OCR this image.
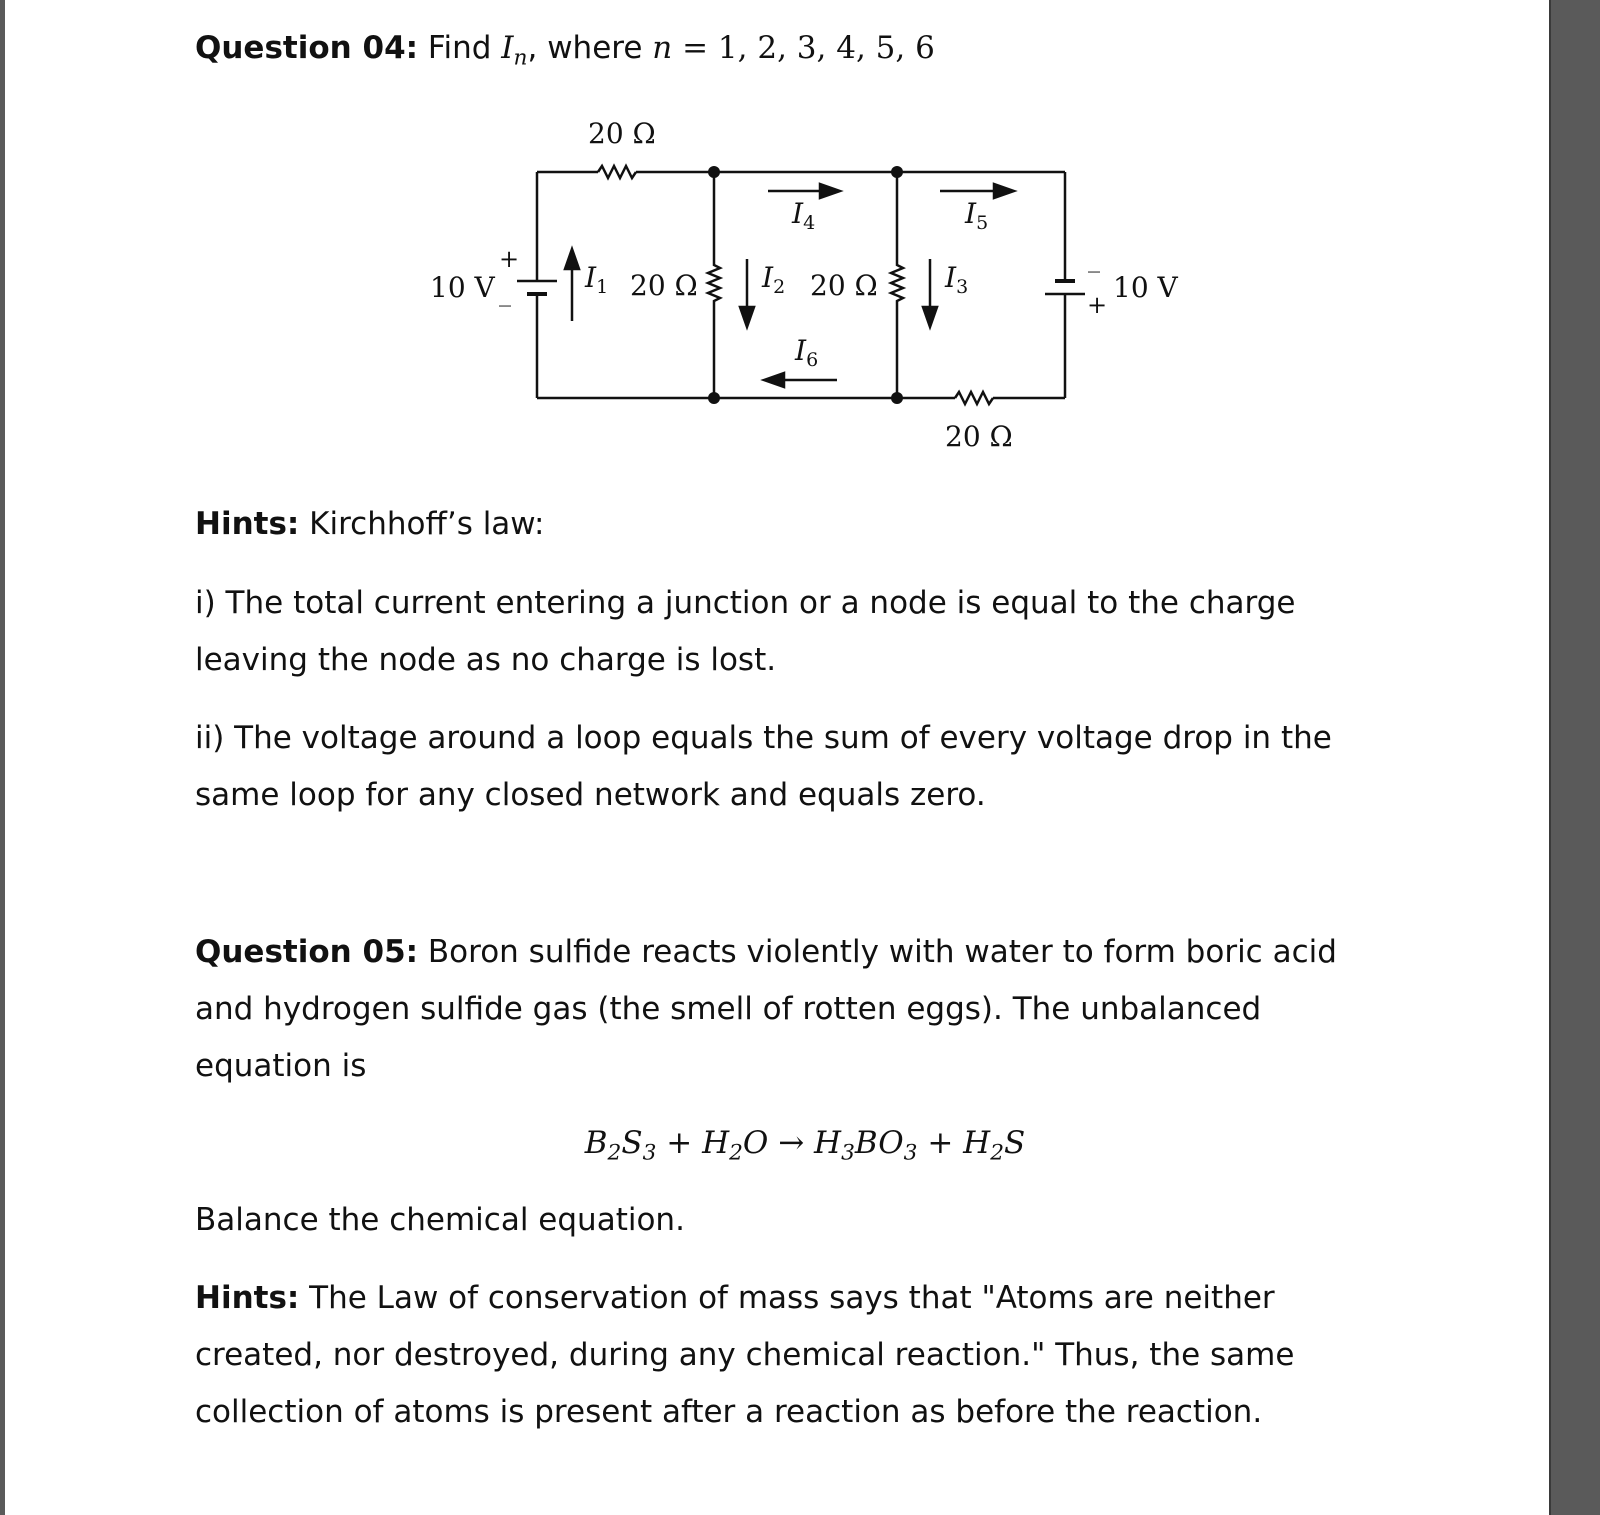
Question 04: Find $I_n$, where n = 1, 2, 3, 4, 5, 6

20 Ω
20 Ω
20 Ω	20 Ω
10 V	10 V
+
_
_
+
$I_1$	$I_2$	$I_3$
$I_4$	$I_5$
$I_6$

Hints: Kirchhoff’s law:

i) The total current entering a junction or a node is equal to the charge leaving the node as no charge is lost.

ii) The voltage around a loop equals the sum of every voltage drop in the same loop for any closed network and equals zero.

Question 05: Boron sulfide reacts violently with water to form boric acid and hydrogen sulfide gas (the smell of rotten eggs). The unbalanced equation is

$B_2S_3 + H_2O \to H_3BO_3 + H_2S$

Balance the chemical equation.

Hints: The Law of conservation of mass says that "Atoms are neither created, nor destroyed, during any chemical reaction." Thus, the same collection of atoms is present after a reaction as before the reaction.
